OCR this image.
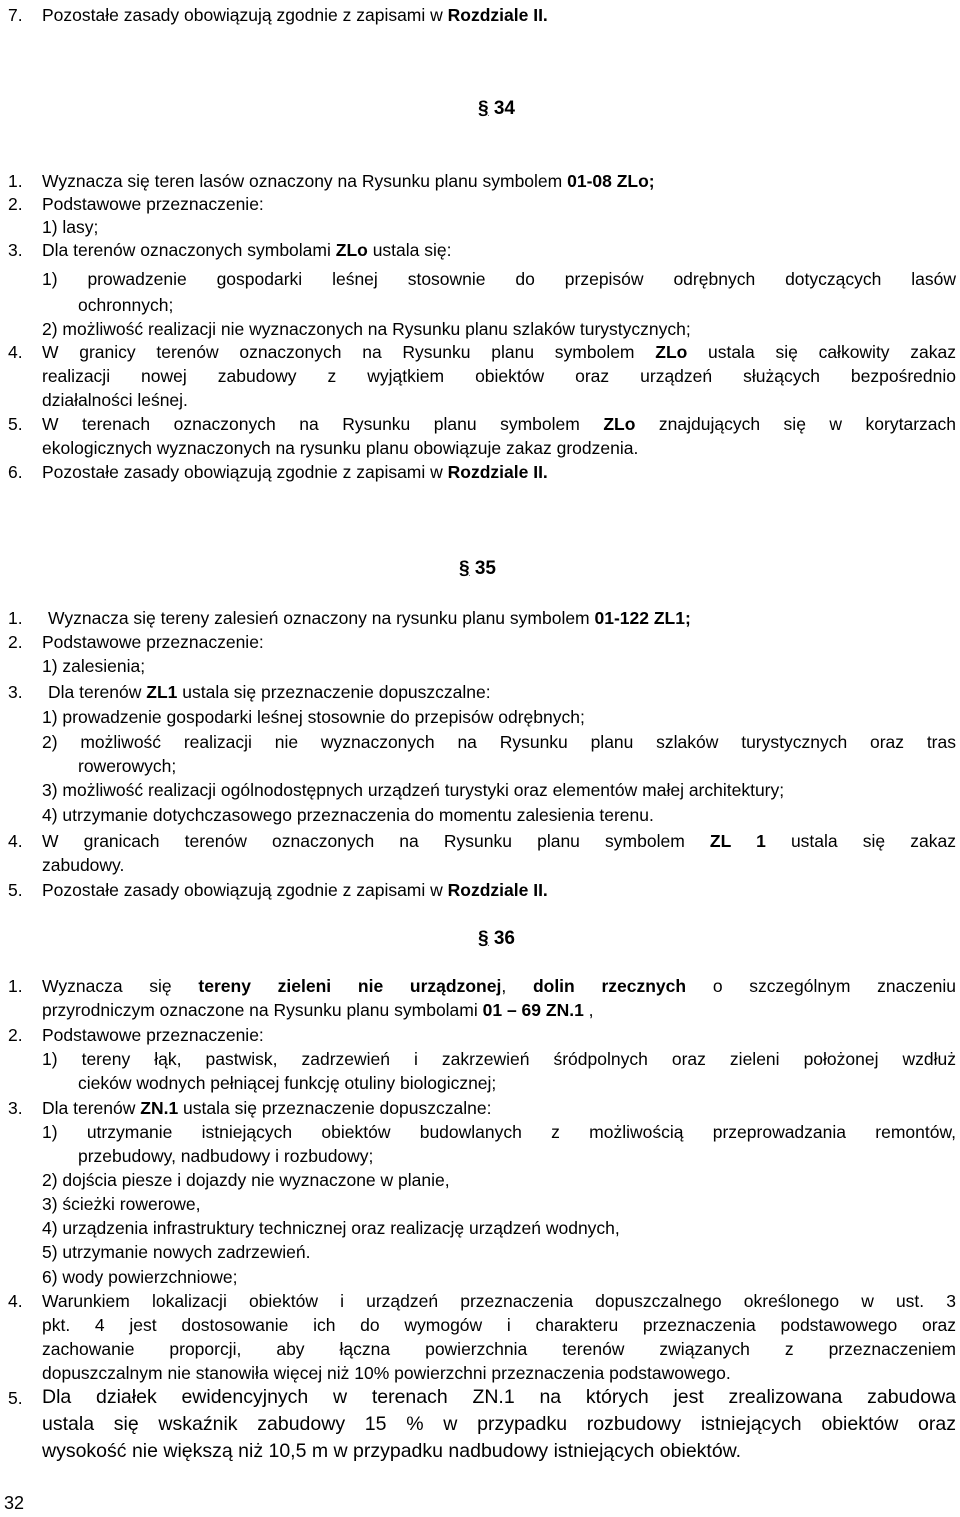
7. Pozostałe zasady obowiązują zgodnie z zapisami w Rozdziale II.
§ 34
1. Wyznacza się teren lasów oznaczony na Rysunku planu symbolem 01-08 ZLo;
2. Podstawowe przeznaczenie:
1) lasy;
3. Dla terenów oznaczonych symbolami ZLo ustala się:
1) prowadzenie gospodarki leśnej stosownie do przepisów odrębnych dotyczących lasów
ochronnych;
2) możliwość realizacji nie wyznaczonych na Rysunku planu szlaków turystycznych;
4. W granicy terenów oznaczonych na Rysunku planu symbolem ZLo ustala się całkowity zakaz
realizacji nowej zabudowy z wyjątkiem obiektów oraz urządzeń służących bezpośrednio
działalności leśnej.
5. W terenach oznaczonych na Rysunku planu symbolem ZLo znajdujących się w korytarzach
ekologicznych wyznaczonych na rysunku planu obowiązuje zakaz grodzenia.
6. Pozostałe zasady obowiązują zgodnie z zapisami w Rozdziale II.
§ 35
1. Wyznacza się tereny zalesień oznaczony na rysunku planu symbolem 01-122 ZL1;
2. Podstawowe przeznaczenie:
1) zalesienia;
3. Dla terenów ZL1 ustala się przeznaczenie dopuszczalne:
1) prowadzenie gospodarki leśnej stosownie do przepisów odrębnych;
2) możliwość realizacji nie wyznaczonych na Rysunku planu szlaków turystycznych oraz tras
rowerowych;
3) możliwość realizacji ogólnodostępnych urządzeń turystyki oraz elementów małej architektury;
4) utrzymanie dotychczasowego przeznaczenia do momentu zalesienia terenu.
4. W granicach terenów oznaczonych na Rysunku planu symbolem ZL 1 ustala się zakaz
zabudowy.
5. Pozostałe zasady obowiązują zgodnie z zapisami w Rozdziale II.
§ 36
1. Wyznacza się tereny zieleni nie urządzonej, dolin rzecznych o szczególnym znaczeniu
przyrodniczym oznaczone na Rysunku planu symbolami 01 – 69 ZN.1 ,
2. Podstawowe przeznaczenie:
1) tereny łąk, pastwisk, zadrzewień i zakrzewień śródpolnych oraz zieleni położonej wzdłuż
cieków wodnych pełniącej funkcję otuliny biologicznej;
3. Dla terenów ZN.1 ustala się przeznaczenie dopuszczalne:
1) utrzymanie istniejących obiektów budowlanych z możliwością przeprowadzania remontów,
przebudowy, nadbudowy i rozbudowy;
2) dojścia piesze i dojazdy nie wyznaczone w planie,
3) ścieżki rowerowe,
4) urządzenia infrastruktury technicznej oraz realizację urządzeń wodnych,
5) utrzymanie nowych zadrzewień.
6) wody powierzchniowe;
4. Warunkiem lokalizacji obiektów i urządzeń przeznaczenia dopuszczalnego określonego w ust. 3
pkt. 4 jest dostosowanie ich do wymogów i charakteru przeznaczenia podstawowego oraz
zachowanie proporcji, aby łączna powierzchnia terenów związanych z przeznaczeniem
dopuszczalnym nie stanowiła więcej niż 10% powierzchni przeznaczenia podstawowego.
5. Dla działek ewidencyjnych w terenach ZN.1 na których jest zrealizowana zabudowa
ustala się wskaźnik zabudowy 15 % w przypadku rozbudowy istniejących obiektów oraz
wysokość nie większą niż 10,5 m w przypadku nadbudowy istniejących obiektów.
32
